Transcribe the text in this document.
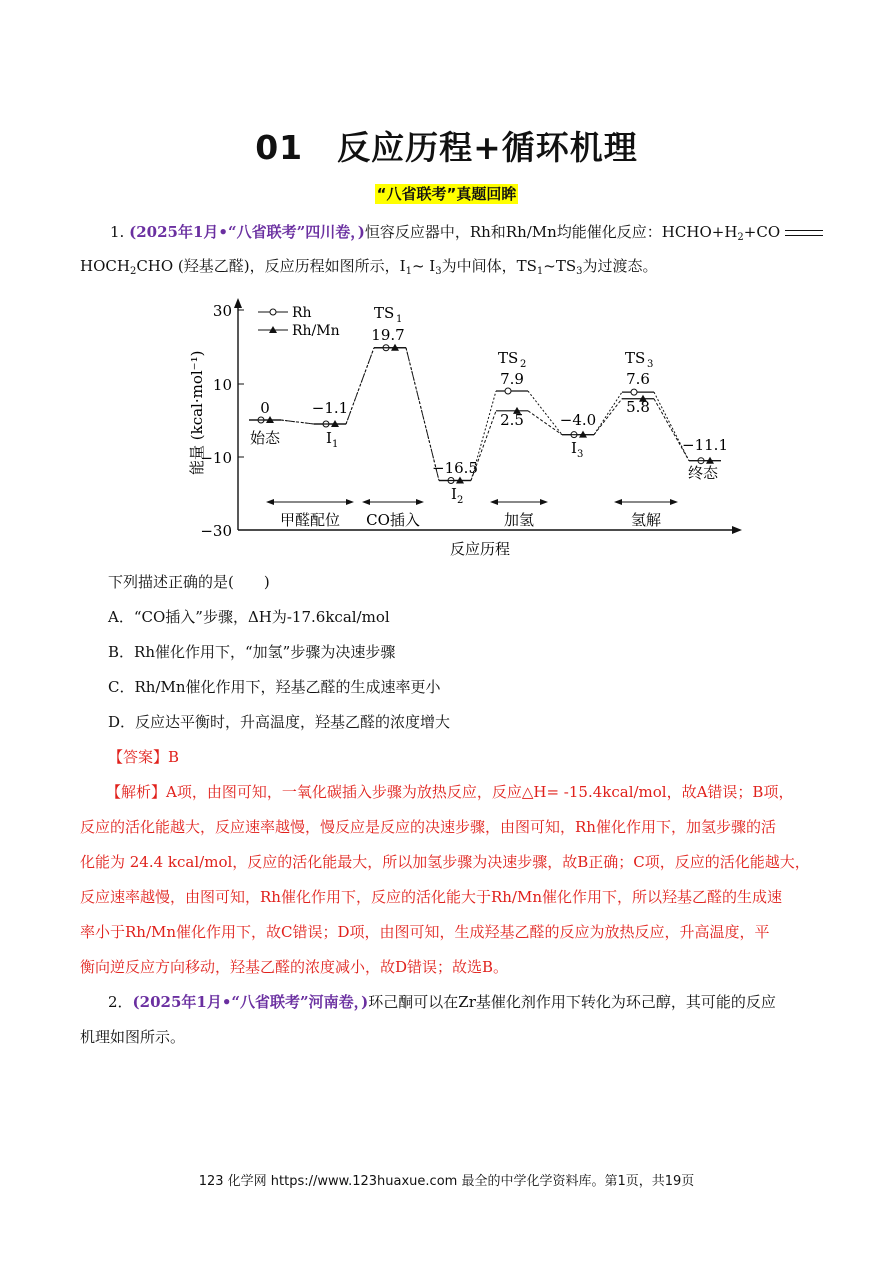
01　反应历程+循环机理
“八省联考”真题回眸
1. (2025年1月•“八省联考”四川卷，)恒容反应器中，Rh和Rh/Mn均能催化反应：$HCHO+H_2+CO$
$HOCH_2CHO$ (羟基乙醛)，反应历程如图所示，$I_1\sim$ $I_3$为中间体，$TS_1\sim TS_3$为过渡态。
30
10
−10
−30
能量 (kcal·mol⁻¹)
反应历程
Rh
Rh/Mn
0	−1.1
19.7
−16.5
7.9
2.5 −4.0
7.6
5.8
−11.1
始态	I 1
TS 1
I 2
TS 2
I 3
TS 3
终态
甲醛配位 CO插入	加氢	氢解
下列描述正确的是(　　)
A．“CO插入”步骤，ΔH为-17.6kcal/mol
B．Rh催化作用下，“加氢”步骤为决速步骤
C．Rh/Mn催化作用下，羟基乙醛的生成速率更小
D．反应达平衡时，升高温度，羟基乙醛的浓度增大
【答案】B
【解析】A项，由图可知，一氧化碳插入步骤为放热反应，反应△H= -15.4kcal/mol，故A错误；B项，
反应的活化能越大，反应速率越慢，慢反应是反应的决速步骤，由图可知，Rh催化作用下，加氢步骤的活
化能为 24.4 kcal/mol，反应的活化能最大，所以加氢步骤为决速步骤，故B正确；C项，反应的活化能越大，
反应速率越慢，由图可知，Rh催化作用下，反应的活化能大于Rh/Mn催化作用下，所以羟基乙醛的生成速
率小于Rh/Mn催化作用下，故C错误；D项，由图可知，生成羟基乙醛的反应为放热反应，升高温度，平
衡向逆反应方向移动，羟基乙醛的浓度减小，故D错误；故选B。
2．(2025年1月•“八省联考”河南卷，)环己酮可以在Zr基催化剂作用下转化为环己醇，其可能的反应
机理如图所示。
123 化学网 https://www.123huaxue.com 最全的中学化学资料库。第1页，共19页
